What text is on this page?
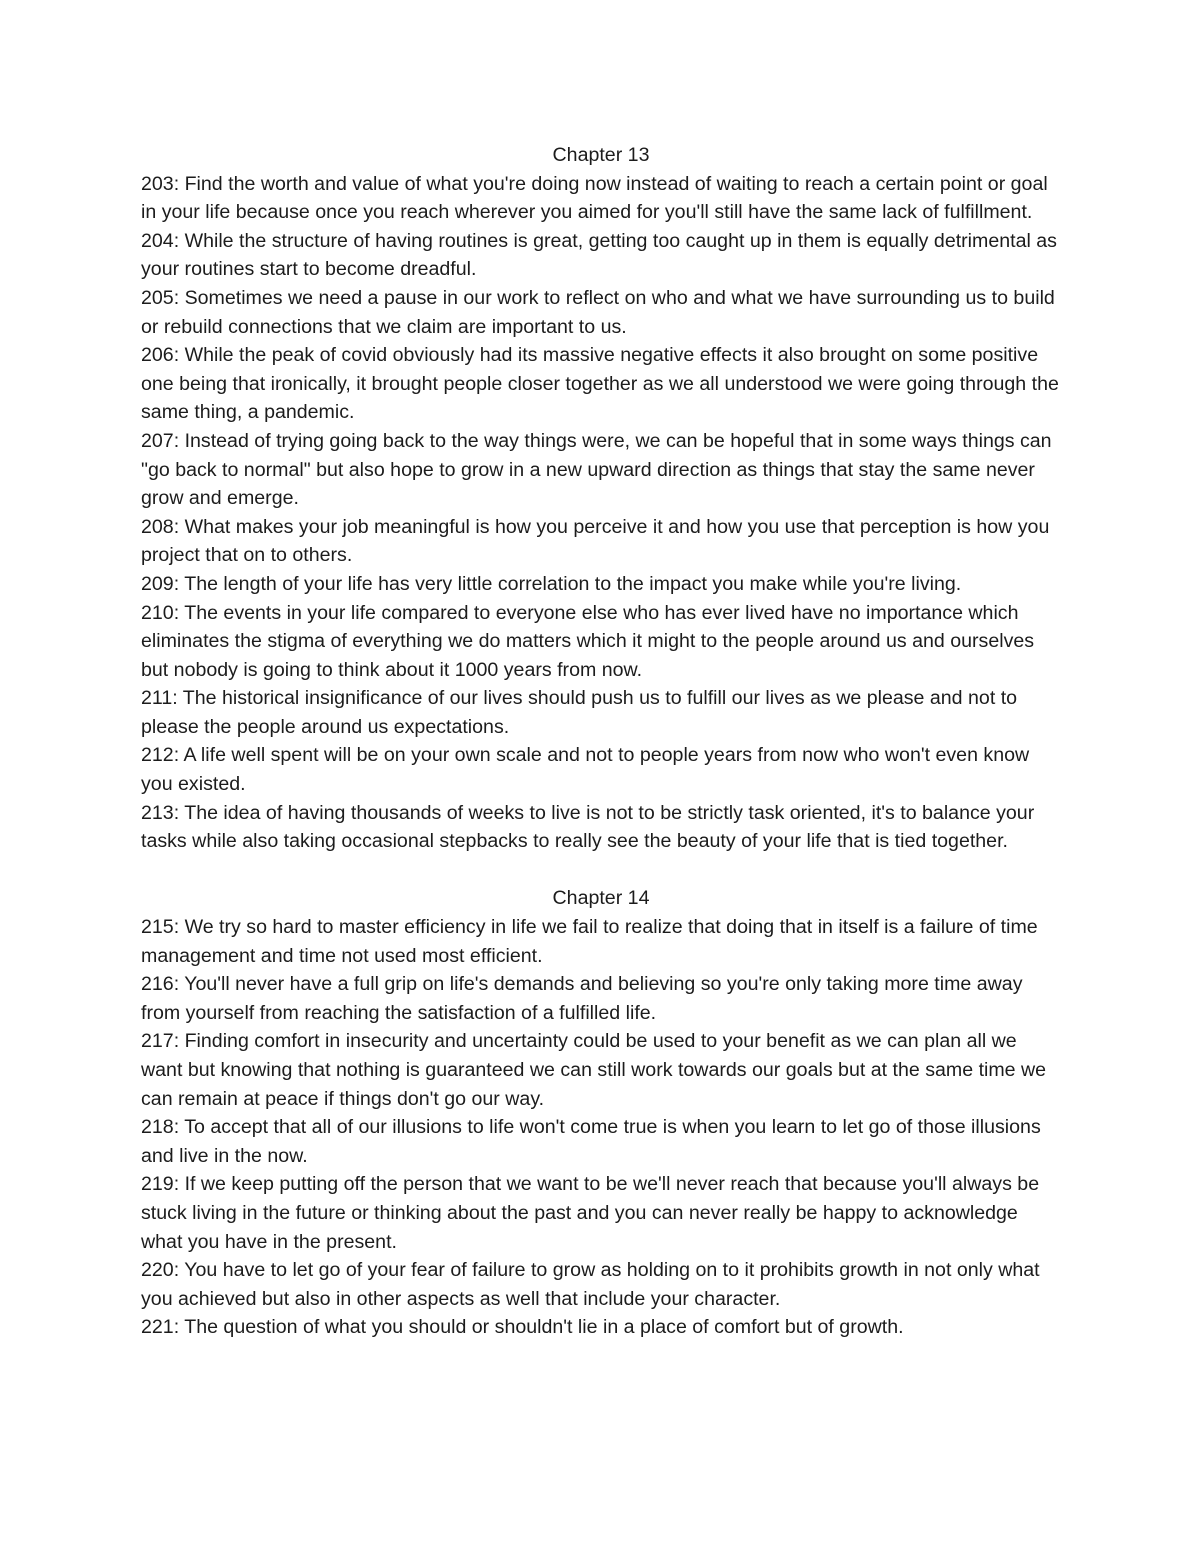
Chapter 13

203: Find the worth and value of what you're doing now instead of waiting to reach a certain point or goal in your life because once you reach wherever you aimed for you'll still have the same lack of fulfillment.

204: While the structure of having routines is great, getting too caught up in them is equally detrimental as your routines start to become dreadful.

205: Sometimes we need a pause in our work to reflect on who and what we have surrounding us to build or rebuild connections that we claim are important to us.

206: While the peak of covid obviously had its massive negative effects it also brought on some positive one being that ironically, it brought people closer together as we all understood we were going through the same thing, a pandemic.

207: Instead of trying going back to the way things were, we can be hopeful that in some ways things can "go back to normal" but also hope to grow in a new upward direction as things that stay the same never grow and emerge.

208: What makes your job meaningful is how you perceive it and how you use that perception is how you project that on to others.

209: The length of your life has very little correlation to the impact you make while you're living.

210: The events in your life compared to everyone else who has ever lived have no importance which eliminates the stigma of everything we do matters which it might to the people around us and ourselves but nobody is going to think about it 1000 years from now.

211: The historical insignificance of our lives should push us to fulfill our lives as we please and not to please the people around us expectations.

212: A life well spent will be on your own scale and not to people years from now who won't even know you existed.

213: The idea of having thousands of weeks to live is not to be strictly task oriented, it's to balance your tasks while also taking occasional stepbacks to really see the beauty of your life that is tied together.

Chapter 14

215: We try so hard to master efficiency in life we fail to realize that doing that in itself is a failure of time management and time not used most efficient.

216: You'll never have a full grip on life's demands and believing so you're only taking more time away from yourself from reaching the satisfaction of a fulfilled life.

217: Finding comfort in insecurity and uncertainty could be used to your benefit as we can plan all we want but knowing that nothing is guaranteed we can still work towards our goals but at the same time we can remain at peace if things don't go our way.

218: To accept that all of our illusions to life won't come true is when you learn to let go of those illusions and live in the now.

219: If we keep putting off the person that we want to be we'll never reach that because you'll always be stuck living in the future or thinking about the past and you can never really be happy to acknowledge what you have in the present.

220: You have to let go of your fear of failure to grow as holding on to it prohibits growth in not only what you achieved but also in other aspects as well that include your character.

221: The question of what you should or shouldn't lie in a place of comfort but of growth.
